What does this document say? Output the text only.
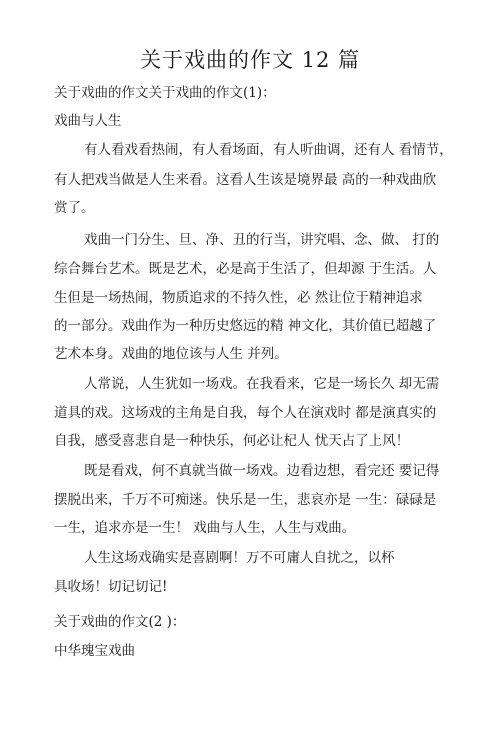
关于戏曲的作文 12 篇
关于戏曲的作文关于戏曲的作文(1)：
戏曲与人生
有人看戏看热闹，有人看场面，有人听曲调，还有人 看情节，
有人把戏当做是人生来看。这看人生该是境界最 高的一种戏曲欣
赏了。
戏曲一门分生、旦、净、丑的行当，讲究唱、念、做、 打的
综合舞台艺术。既是艺术，必是高于生活了，但却源 于生活。人
生但是一场热闹，物质追求的不持久性，必 然让位于精神追求
的一部分。戏曲作为一种历史悠远的精 神文化，其价值已超越了
艺术本身。戏曲的地位该与人生 并列。
人常说，人生犹如一场戏。在我看来，它是一场长久 却无需
道具的戏。这场戏的主角是自我，每个人在演戏时 都是演真实的
自我，感受喜悲自是一种快乐，何必让杞人 忧天占了上风！
既是看戏，何不真就当做一场戏。边看边想，看完还 要记得
摆脱出来，千万不可痴迷。快乐是一生，悲哀亦是 一生：碌碌是
一生，追求亦是一生！ 戏曲与人生，人生与戏曲。
人生这场戏确实是喜剧啊！万不可庸人自扰之，以杯
具收场！切记切记!
关于戏曲的作文(2 )：
中华瑰宝戏曲
